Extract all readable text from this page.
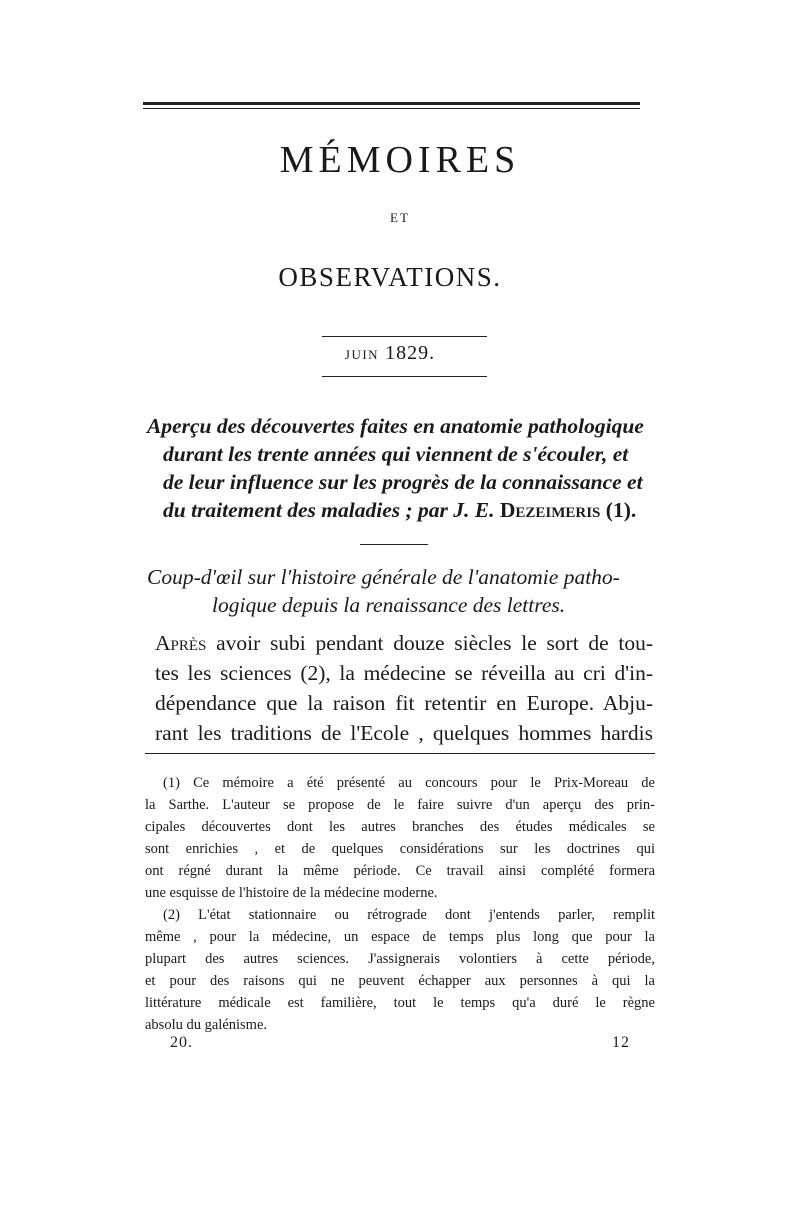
MÉMOIRES
ET
OBSERVATIONS.
JUIN 1829.
Aperçu des découvertes faites en anatomie pathologique
durant les trente années qui viennent de s'écouler, et
de leur influence sur les progrès de la connaissance et
du traitement des maladies ; par J. E. Dezeimeris (1).
Coup-d'œil sur l'histoire générale de l'anatomie patho-
logique depuis la renaissance des lettres.
Après avoir subi pendant douze siècles le sort de tou-
tes les sciences (2), la médecine se réveilla au cri d'in-
dépendance que la raison fit retentir en Europe. Abju-
rant les traditions de l'Ecole , quelques hommes hardis
(1) Ce mémoire a été présenté au concours pour le Prix-Moreau de
la Sarthe. L'auteur se propose de le faire suivre d'un aperçu des prin-
cipales découvertes dont les autres branches des études médicales se
sont enrichies , et de quelques considérations sur les doctrines qui
ont régné durant la même période. Ce travail ainsi complété formera
une esquisse de l'histoire de la médecine moderne.
(2) L'état stationnaire ou rétrograde dont j'entends parler, remplit
même , pour la médecine, un espace de temps plus long que pour la
plupart des autres sciences. J'assignerais volontiers à cette période,
et pour des raisons qui ne peuvent échapper aux personnes à qui la
littérature médicale est familière, tout le temps qu'a duré le règne
absolu du galénisme.
20.	12
